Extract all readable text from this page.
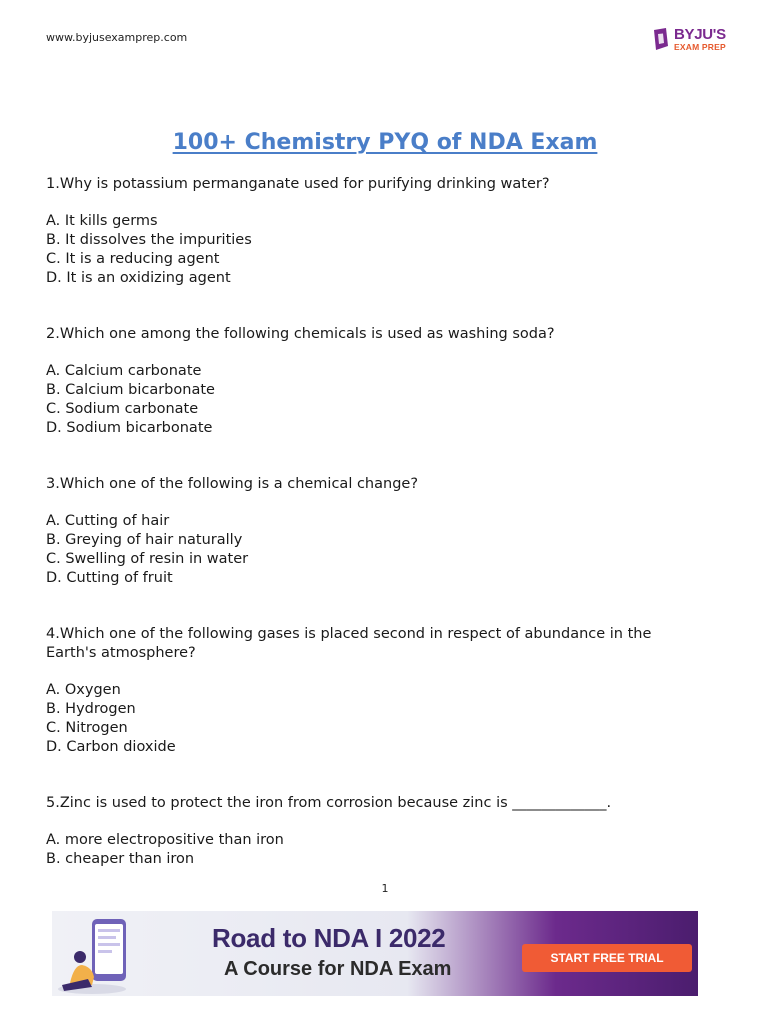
www.byjusexamprep.com	BYJU'S
EXAM PREP
100+ Chemistry PYQ of NDA Exam

1.Why is potassium permanganate used for purifying drinking water?

A. It kills germs

B. It dissolves the impurities

C. It is a reducing agent

D. It is an oxidizing agent

2.Which one among the following chemicals is used as washing soda?

A. Calcium carbonate

B. Calcium bicarbonate

C. Sodium carbonate

D. Sodium bicarbonate

3.Which one of the following is a chemical change?

A. Cutting of hair

B. Greying of hair naturally

C. Swelling of resin in water

D. Cutting of fruit

4.Which one of the following gases is placed second in respect of abundance in the Earth's atmosphere?

A. Oxygen

B. Hydrogen

C. Nitrogen

D. Carbon dioxide

5.Zinc is used to protect the iron from corrosion because zinc is _____________.

A. more electropositive than iron

B. cheaper than iron

1
Road to NDA I 2022
A Course for NDA Exam	START FREE TRIAL
